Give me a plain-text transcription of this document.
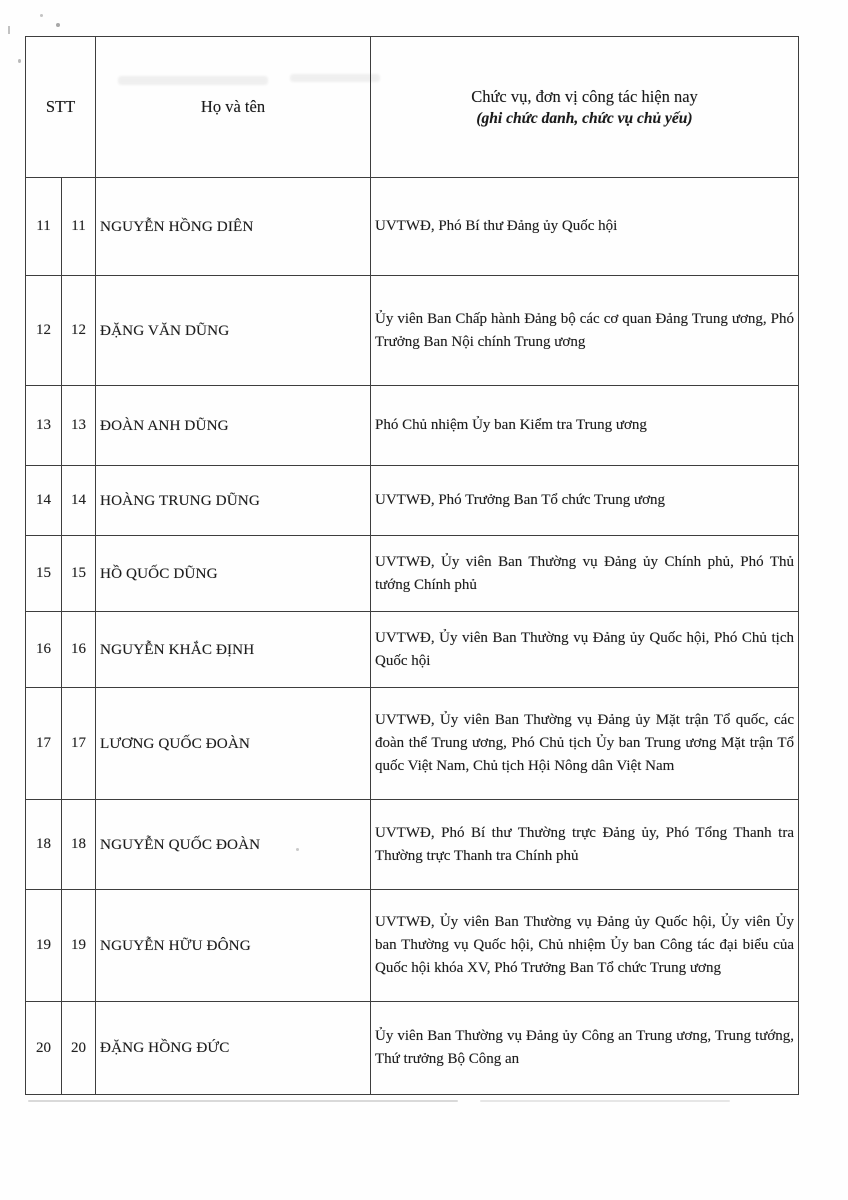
STT		Họ và tên	Chức vụ, đơn vị công tác hiện nay
(ghi chức danh, chức vụ chủ yếu)

11	11	NGUYỄN HỒNG DIÊN	UVTWĐ, Phó Bí thư Đảng ủy Quốc hội
12	12	ĐẶNG VĂN DŨNG	Ủy viên Ban Chấp hành Đảng bộ các cơ quan Đảng Trung ương, Phó Trưởng Ban Nội chính Trung ương
13	13	ĐOÀN ANH DŨNG	Phó Chủ nhiệm Ủy ban Kiểm tra Trung ương
14	14	HOÀNG TRUNG DŨNG	UVTWĐ, Phó Trưởng Ban Tổ chức Trung ương
15	15	HỒ QUỐC DŨNG	UVTWĐ, Ủy viên Ban Thường vụ Đảng ủy Chính phủ, Phó Thủ tướng Chính phủ
16	16	NGUYỄN KHẮC ĐỊNH	UVTWĐ, Ủy viên Ban Thường vụ Đảng ủy Quốc hội, Phó Chủ tịch Quốc hội
17	17	LƯƠNG QUỐC ĐOÀN	UVTWĐ, Ủy viên Ban Thường vụ Đảng ủy Mặt trận Tổ quốc, các đoàn thể Trung ương, Phó Chủ tịch Ủy ban Trung ương Mặt trận Tổ quốc Việt Nam, Chủ tịch Hội Nông dân Việt Nam
18	18	NGUYỄN QUỐC ĐOÀN	UVTWĐ, Phó Bí thư Thường trực Đảng ủy, Phó Tổng Thanh tra Thường trực Thanh tra Chính phủ
19	19	NGUYỄN HỮU ĐÔNG	UVTWĐ, Ủy viên Ban Thường vụ Đảng ủy Quốc hội, Ủy viên Ủy ban Thường vụ Quốc hội, Chủ nhiệm Ủy ban Công tác đại biểu của Quốc hội khóa XV, Phó Trưởng Ban Tổ chức Trung ương
20	20	ĐẶNG HỒNG ĐỨC	Ủy viên Ban Thường vụ Đảng ủy Công an Trung ương, Trung tướng, Thứ trưởng Bộ Công an
